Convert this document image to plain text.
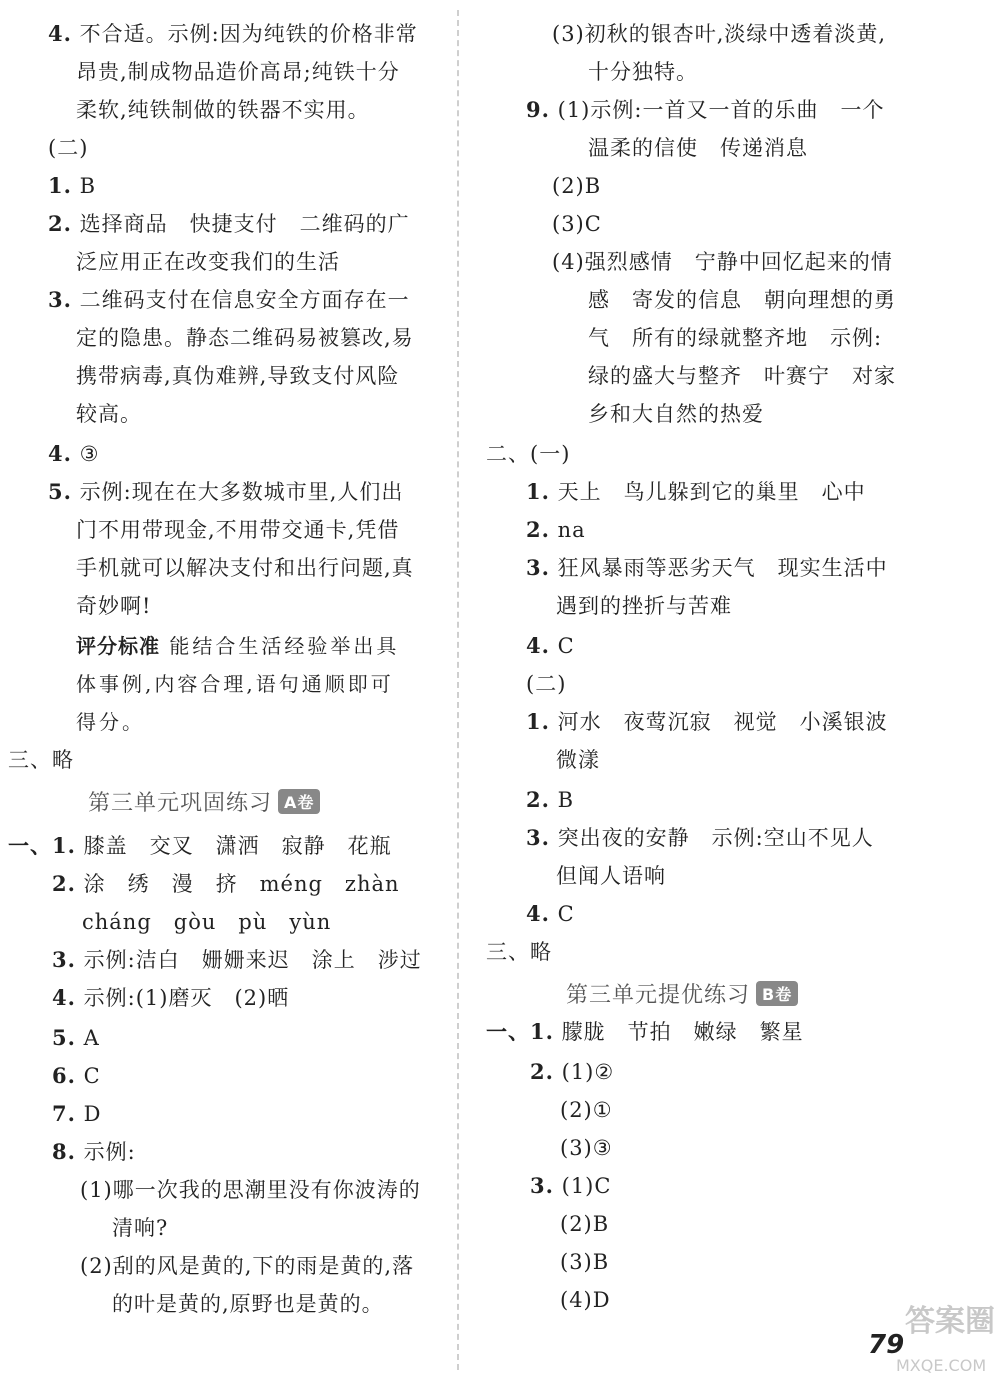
4. 不合适。示例:因为纯铁的价格非常
昂贵,制成物品造价高昂;纯铁十分
柔软,纯铁制做的铁器不实用。
(二)
1. B
2. 选择商品　快捷支付　二维码的广
泛应用正在改变我们的生活
3. 二维码支付在信息安全方面存在一
定的隐患。静态二维码易被篡改,易
携带病毒,真伪难辨,导致支付风险
较高。
4. ③
5. 示例:现在在大多数城市里,人们出
门不用带现金,不用带交通卡,凭借
手机就可以解决支付和出行问题,真
奇妙啊!
评分标准 能结合生活经验举出具
体事例,内容合理,语句通顺即可
得分。
三、略
第三单元巩固练习 A卷
一、1. 膝盖　交叉　潇洒　寂静　花瓶
2. 涂　绣　漫　挤　méng　zhàn
cháng　gòu　pù　yùn
3. 示例:洁白　姗姗来迟　涂上　涉过
4. 示例:(1)磨灭　(2)晒
5. A
6. C
7. D
8. 示例:
(1)哪一次我的思潮里没有你波涛的
清响?
(2)刮的风是黄的,下的雨是黄的,落
的叶是黄的,原野也是黄的。
(3)初秋的银杏叶,淡绿中透着淡黄,
十分独特。
9. (1)示例:一首又一首的乐曲　一个
温柔的信使　传递消息
(2)B
(3)C
(4)强烈感情　宁静中回忆起来的情
感　寄发的信息　朝向理想的勇
气　所有的绿就整齐地　示例:
绿的盛大与整齐　叶赛宁　对家
乡和大自然的热爱
二、(一)
1. 天上　鸟儿躲到它的巢里　心中
2. na
3. 狂风暴雨等恶劣天气　现实生活中
遇到的挫折与苦难
4. C
(二)
1. 河水　夜莺沉寂　视觉　小溪银波
微漾
2. B
3. 突出夜的安静　示例:空山不见人
但闻人语响
4. C
三、略
第三单元提优练习 B卷
一、1. 朦胧　节拍　嫩绿　繁星
2. (1)②
(2)①
(3)③
3. (1)C
(2)B
(3)B
(4)D
79
答案圈
MXQE.COM
